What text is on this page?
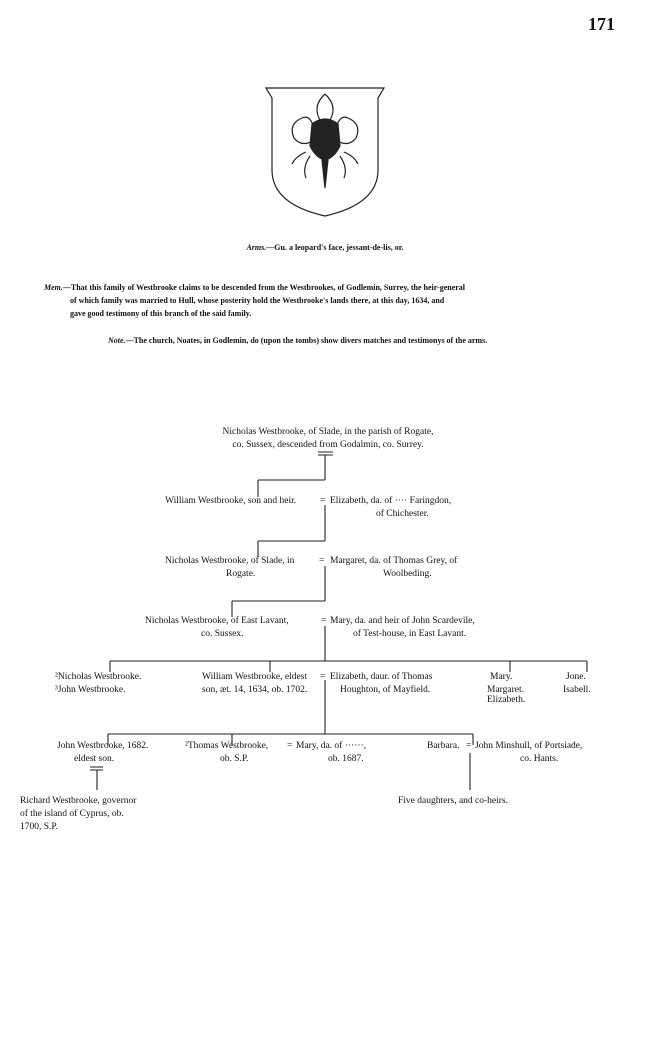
171
Arms.—Gu. a leopard's face, jessant-de-lis, or.
Mem.—That this family of Westbrooke claims to be descended from the Westbrookes, of Godlemin, Surrey, the heir-general
of which family was married to Hull, whose posterity hold the Westbrooke's lands there, at this day, 1634, and
gave good testimony of this branch of the said family.
Note.—The church, Noates, in Godlemin, do (upon the tombs) show divers matches and testimonys of the arms.
Nicholas Westbrooke, of Slade, in the parish of Rogate,
co. Sussex, descended from Godalmin, co. Surrey.
William Westbrooke, son and heir.	= Elizabeth, da. of ···· Faringdon,
of Chichester.
Nicholas Westbrooke, of Slade, in
Rogate.
= Margaret, da. of Thomas Grey, of
Woolbeding.
Nicholas Westbrooke, of East Lavant,
co. Sussex.
= Mary, da. and heir of John Scardevile,
of Test-house, in East Lavant.
²Nicholas Westbrooke.
³John Westbrooke.
William Westbrooke, eldest
son, æt. 14, 1634, ob. 1702.
= Elizabeth, daur. of Thomas
Houghton, of Mayfield.
Mary.
Margaret.
Elizabeth.
Jone.
Isabell.
John Westbrooke, 1682.
eldest son.
²Thomas Westbrooke,
ob. S.P.
= Mary, da. of ······,
ob. 1687.
Barbara. = John Minshull, of Portsiade,
co. Hants.
Richard Westbrooke, governor
of the island of Cyprus, ob.
1700, S.P.
Five daughters, and co-heirs.
